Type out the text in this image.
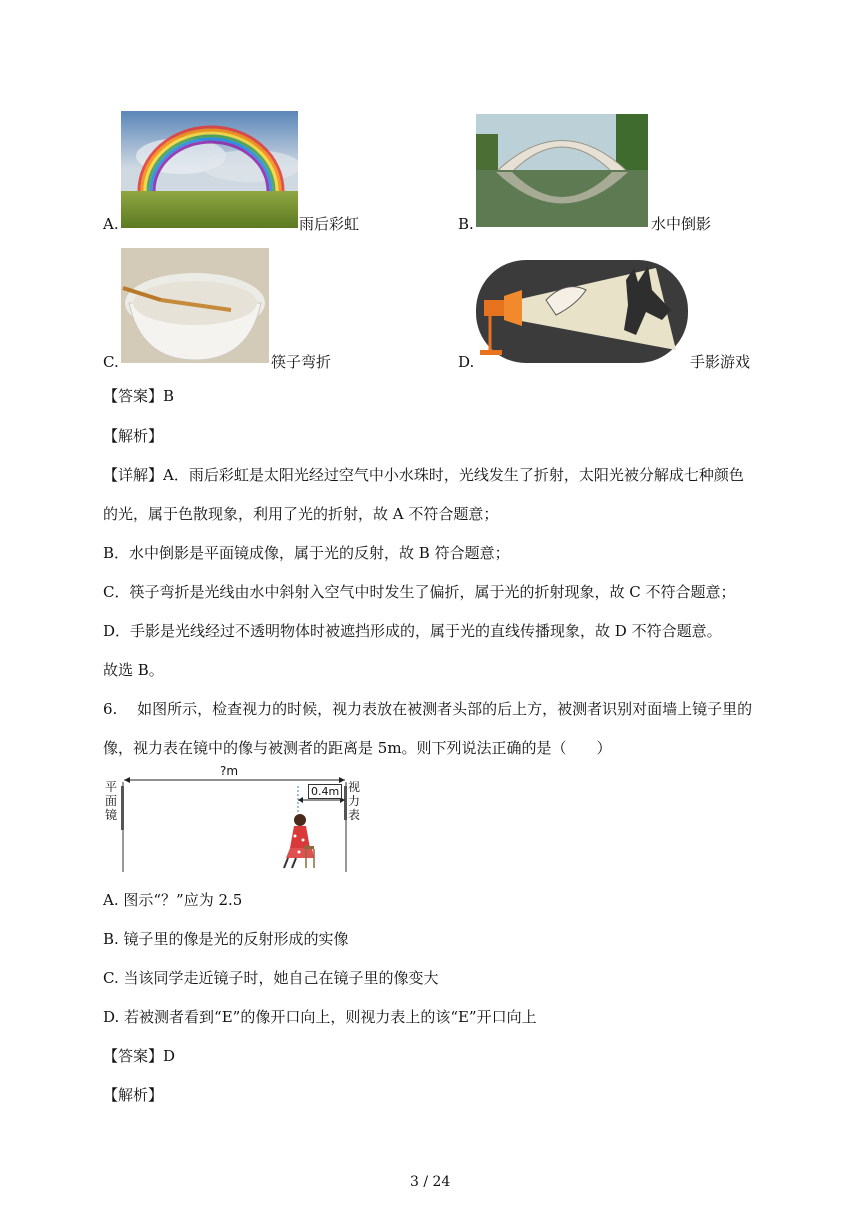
A.	雨后彩虹	B.	水中倒影
C.	筷子弯折	D.	手影游戏
【答案】B
【解析】
【详解】A．雨后彩虹是太阳光经过空气中小水珠时，光线发生了折射，太阳光被分解成七种颜色
的光，属于色散现象，利用了光的折射，故 A 不符合题意；
B．水中倒影是平面镜成像，属于光的反射，故 B 符合题意；
C．筷子弯折是光线由水中斜射入空气中时发生了偏折，属于光的折射现象，故 C 不符合题意；
D．手影是光线经过不透明物体时被遮挡形成的，属于光的直线传播现象，故 D 不符合题意。
故选 B。
6.　 如图所示，检查视力的时候，视力表放在被测者头部的后上方，被测者识别对面墙上镜子里的
像，视力表在镜中的像与被测者的距离是 5m。则下列说法正确的是（　　）
?m
0.4m
平面镜
视力表
A. 图示“？”应为 2.5
B. 镜子里的像是光的反射形成的实像
C. 当该同学走近镜子时，她自己在镜子里的像变大
D. 若被测者看到“E”的像开口向上，则视力表上的该“E”开口向上
【答案】D
【解析】
3 / 24
